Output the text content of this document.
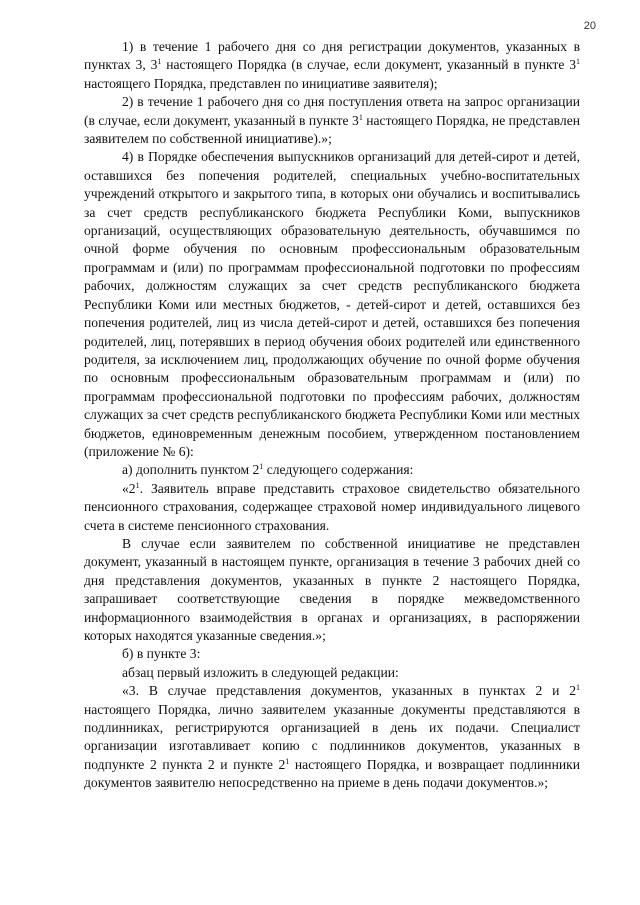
20

1) в течение 1 рабочего дня со дня регистрации документов, указанных в пунктах 3, $3^1$ настоящего Порядка (в случае, если документ, указанный в пункте $3^1$ настоящего Порядка, представлен по инициативе заявителя);

2) в течение 1 рабочего дня со дня поступления ответа на запрос организации (в случае, если документ, указанный в пункте $3^1$ настоящего Порядка, не представлен заявителем по собственной инициативе).»;

4) в Порядке обеспечения выпускников организаций для детей-сирот и детей, оставшихся без попечения родителей, специальных учебно-воспитательных учреждений открытого и закрытого типа, в которых они обучались и воспитывались за счет средств республиканского бюджета Республики Коми, выпускников организаций, осуществляющих образовательную деятельность, обучавшимся по очной форме обучения по основным профессиональным образовательным программам и (или) по программам профессиональной подготовки по профессиям рабочих, должностям служащих за счет средств республиканского бюджета Республики Коми или местных бюджетов, - детей-сирот и детей, оставшихся без попечения родителей, лиц из числа детей-сирот и детей, оставшихся без попечения родителей, лиц, потерявших в период обучения обоих родителей или единственного родителя, за исключением лиц, продолжающих обучение по очной форме обучения по основным профессиональным образовательным программам и (или) по программам профессиональной подготовки по профессиям рабочих, должностям служащих за счет средств республиканского бюджета Республики Коми или местных бюджетов, единовременным денежным пособием, утвержденном постановлением (приложение № 6):

а) дополнить пунктом $2^1$ следующего содержания:

«$2^1$. Заявитель вправе представить страховое свидетельство обязательного пенсионного страхования, содержащее страховой номер индивидуального лицевого счета в системе пенсионного страхования.

В случае если заявителем по собственной инициативе не представлен документ, указанный в настоящем пункте, организация в течение 3 рабочих дней со дня представления документов, указанных в пункте 2 настоящего Порядка, запрашивает соответствующие сведения в порядке межведомственного информационного взаимодействия в органах и организациях, в распоряжении которых находятся указанные сведения.»;

б) в пункте 3:

абзац первый изложить в следующей редакции:

«3. В случае представления документов, указанных в пунктах 2 и $2^1$ настоящего Порядка, лично заявителем указанные документы представляются в подлинниках, регистрируются организацией в день их подачи. Специалист организации изготавливает копию с подлинников документов, указанных в подпункте 2 пункта 2 и пункте $2^1$ настоящего Порядка, и возвращает подлинники документов заявителю непосредственно на приеме в день подачи документов.»;
